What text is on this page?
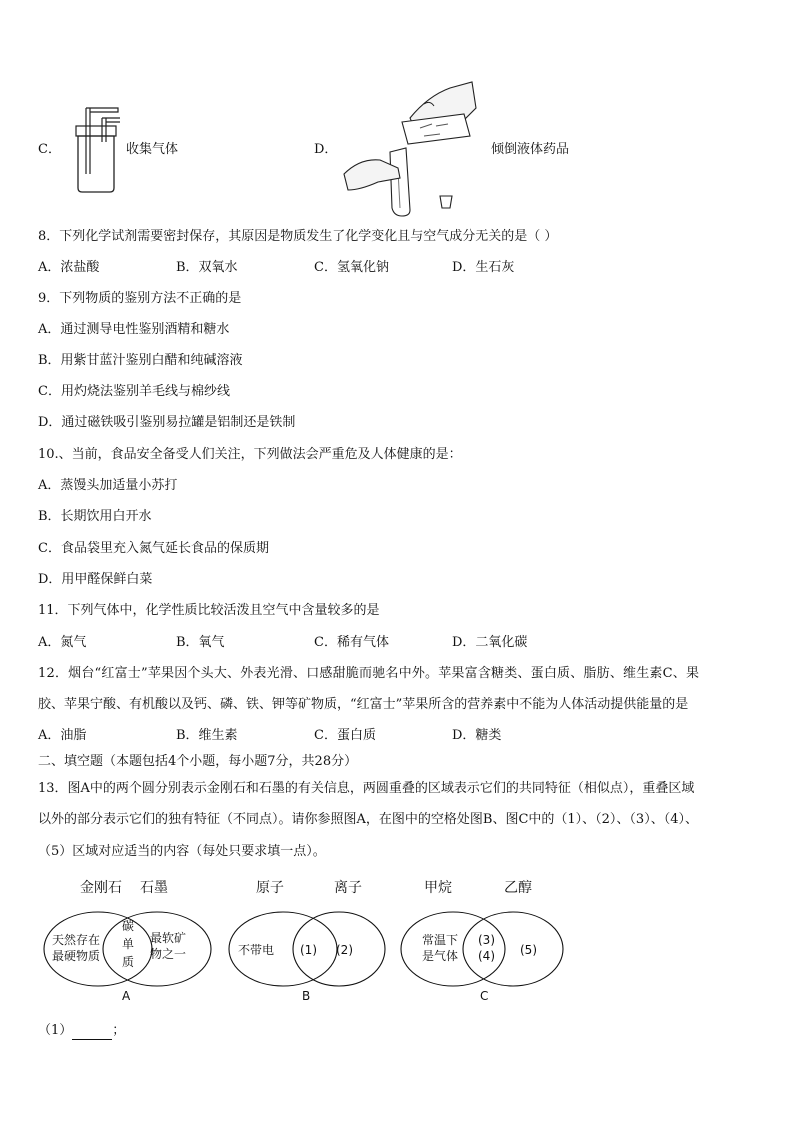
C．	收集气体	D．	倾倒液体药品
8．下列化学试剂需要密封保存，其原因是物质发生了化学变化且与空气成分无关的是（ ）
A．浓盐酸	B．双氧水	C．氢氧化钠	D．生石灰
9．下列物质的鉴别方法不正确的是
A．通过测导电性鉴别酒精和糖水
B．用紫甘蓝汁鉴别白醋和纯碱溶液
C．用灼烧法鉴别羊毛线与棉纱线
D．通过磁铁吸引鉴别易拉罐是铝制还是铁制
10.、当前，食品安全备受人们关注，下列做法会严重危及人体健康的是：
A．蒸馒头加适量小苏打
B．长期饮用白开水
C．食品袋里充入氮气延长食品的保质期
D．用甲醛保鲜白菜
11．下列气体中，化学性质比较活泼且空气中含量较多的是
A．氮气	B．氧气	C．稀有气体	D．二氧化碳
12．烟台“红富士”苹果因个头大、外表光滑、口感甜脆而驰名中外。苹果富含糖类、蛋白质、脂肪、维生素C、果
胶、苹果宁酸、有机酸以及钙、磷、铁、钾等矿物质，“红富士”苹果所含的营养素中不能为人体活动提供能量的是
A．油脂	B．维生素	C．蛋白质	D．糖类
二、填空题（本题包括4个小题，每小题7分，共28分）
13．图A中的两个圆分别表示金刚石和石墨的有关信息，两圆重叠的区域表示它们的共同特征（相似点），重叠区域
以外的部分表示它们的独有特征（不同点）。请你参照图A，在图中的空格处图B、图C中的（1）、（2）、（3）、（4）、
（5）区域对应适当的内容（每处只要求填一点）。
金刚石 石墨
天然存在
最硬物质
碳
单
质
最软矿
物之一
A
原子	离子
不带电 (1) (2)
B
甲烷	乙醇
常温下
是气体
(3)
(4) (5)
C
（1）	；
